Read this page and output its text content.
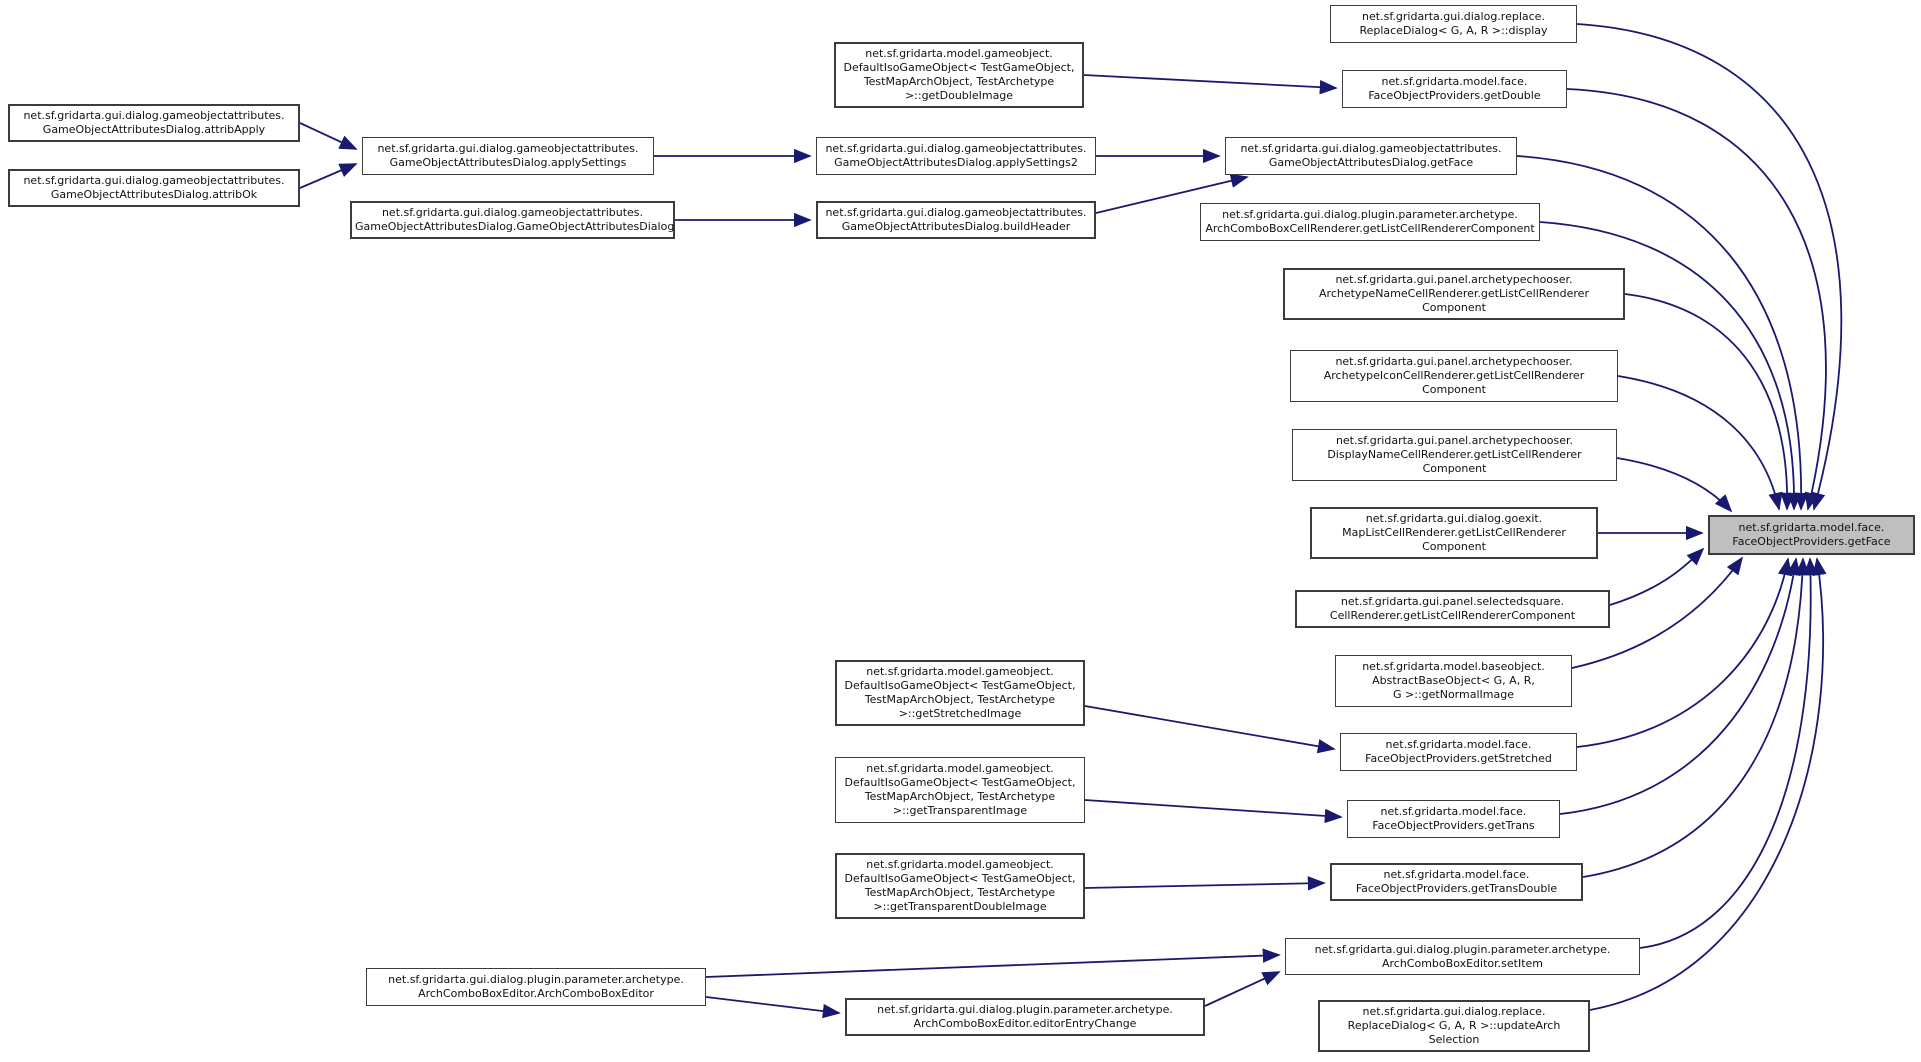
net.sf.gridarta.gui.dialog.gameobjectattributes.
GameObjectAttributesDialog.attribApply
net.sf.gridarta.gui.dialog.gameobjectattributes.
GameObjectAttributesDialog.attribOk
net.sf.gridarta.gui.dialog.gameobjectattributes.
GameObjectAttributesDialog.applySettings
net.sf.gridarta.gui.dialog.gameobjectattributes.
GameObjectAttributesDialog.GameObjectAttributesDialog
net.sf.gridarta.model.gameobject.
DefaultIsoGameObject< TestGameObject,
TestMapArchObject, TestArchetype
>::getDoubleImage
net.sf.gridarta.gui.dialog.gameobjectattributes.
GameObjectAttributesDialog.applySettings2
net.sf.gridarta.gui.dialog.gameobjectattributes.
GameObjectAttributesDialog.buildHeader
net.sf.gridarta.gui.dialog.replace.
ReplaceDialog< G, A, R >::display
net.sf.gridarta.model.face.
FaceObjectProviders.getDouble
net.sf.gridarta.gui.dialog.gameobjectattributes.
GameObjectAttributesDialog.getFace
net.sf.gridarta.gui.dialog.plugin.parameter.archetype.
ArchComboBoxCellRenderer.getListCellRendererComponent
net.sf.gridarta.gui.panel.archetypechooser.
ArchetypeNameCellRenderer.getListCellRenderer
Component
net.sf.gridarta.gui.panel.archetypechooser.
ArchetypeIconCellRenderer.getListCellRenderer
Component
net.sf.gridarta.gui.panel.archetypechooser.
DisplayNameCellRenderer.getListCellRenderer
Component
net.sf.gridarta.gui.dialog.goexit.
MapListCellRenderer.getListCellRenderer
Component
net.sf.gridarta.gui.panel.selectedsquare.
CellRenderer.getListCellRendererComponent
net.sf.gridarta.model.baseobject.
AbstractBaseObject< G, A, R,
G >::getNormalImage
net.sf.gridarta.model.gameobject.
DefaultIsoGameObject< TestGameObject,
TestMapArchObject, TestArchetype
>::getStretchedImage
net.sf.gridarta.model.gameobject.
DefaultIsoGameObject< TestGameObject,
TestMapArchObject, TestArchetype
>::getTransparentImage
net.sf.gridarta.model.gameobject.
DefaultIsoGameObject< TestGameObject,
TestMapArchObject, TestArchetype
>::getTransparentDoubleImage
net.sf.gridarta.model.face.
FaceObjectProviders.getStretched
net.sf.gridarta.model.face.
FaceObjectProviders.getTrans
net.sf.gridarta.model.face.
FaceObjectProviders.getTransDouble
net.sf.gridarta.gui.dialog.plugin.parameter.archetype.
ArchComboBoxEditor.ArchComboBoxEditor
net.sf.gridarta.gui.dialog.plugin.parameter.archetype.
ArchComboBoxEditor.editorEntryChange
net.sf.gridarta.gui.dialog.plugin.parameter.archetype.
ArchComboBoxEditor.setItem
net.sf.gridarta.gui.dialog.replace.
ReplaceDialog< G, A, R >::updateArch
Selection
net.sf.gridarta.model.face.
FaceObjectProviders.getFace
